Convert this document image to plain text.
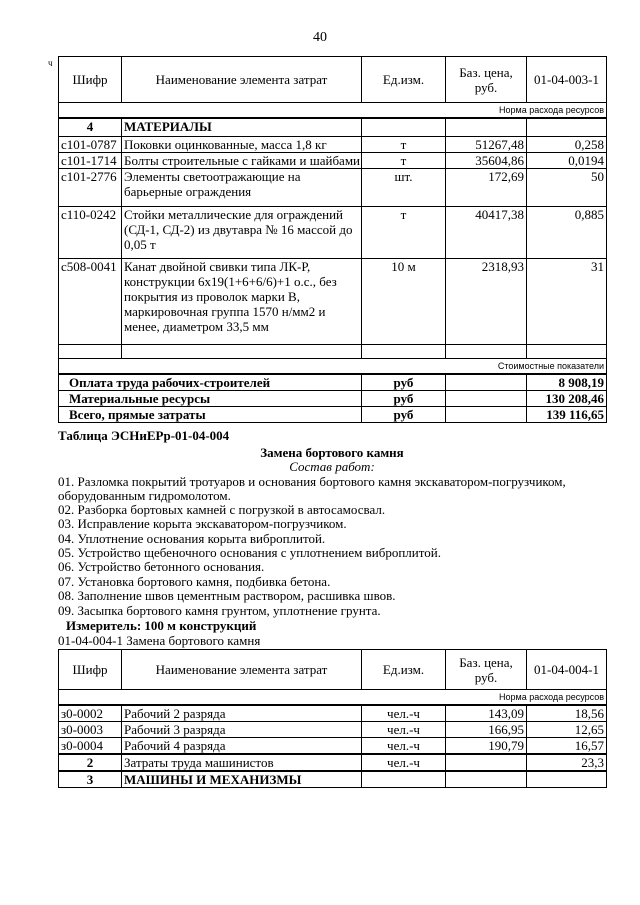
40
ч
Шифр	Наименование элемента затрат	Ед.изм.	Баз. цена, руб.	01-04-003-1
	Норма расхода ресурсов			
4	МАТЕРИАЛЫ			
с101-0787	Поковки оцинкованные, масса 1,8 кг	т	51267,48	0,258
с101-1714	Болты строительные с гайками и шайбами	т	35604,86	0,0194
с101-2776	Элементы светоотражающие на барьерные ограждения	шт.	172,69	50
с110-0242	Стойки металлические для ограждений (СД-1, СД-2) из двутавра № 16 массой до 0,05 т	т	40417,38	0,885
с508-0041	Канат двойной свивки типа ЛК-Р, конструкции 6х19(1+6+6/6)+1 о.с., без покрытия из проволок марки В, маркировочная группа 1570 н/мм2 и менее, диаметром 33,5 мм	10 м	2318,93	31

	Стоимостные показатели			
Оплата труда рабочих-строителей		руб		8 908,19
Материальные ресурсы		руб		130 208,46
Всего, прямые затраты		руб		139 116,65
Таблица ЭСНиЕРр-01-04-004
Замена бортового камня
Состав работ:
01. Разломка покрытий тротуаров и основания бортового камня экскаватором-погрузчиком,
оборудованным гидромолотом.
02. Разборка бортовых камней с погрузкой в автосамосвал.
03. Исправление корыта экскаватором-погрузчиком.
04. Уплотнение основания корыта виброплитой.
05. Устройство щебеночного основания с уплотнением виброплитой.
06. Устройство бетонного основания.
07. Установка бортового камня, подбивка бетона.
08. Заполнение швов цементным раствором, расшивка швов.
09. Засыпка бортового камня грунтом, уплотнение грунта.
Измеритель: 100 м конструкций
01-04-004-1 Замена бортового камня
Шифр	Наименование элемента затрат	Ед.изм.	Баз. цена, руб.	01-04-004-1
	Норма расхода ресурсов			
з0-0002	Рабочий 2 разряда	чел.-ч	143,09	18,56
з0-0003	Рабочий 3 разряда	чел.-ч	166,95	12,65
з0-0004	Рабочий 4 разряда	чел.-ч	190,79	16,57
2	Затраты труда машинистов	чел.-ч		23,3
3	МАШИНЫ И МЕХАНИЗМЫ			
